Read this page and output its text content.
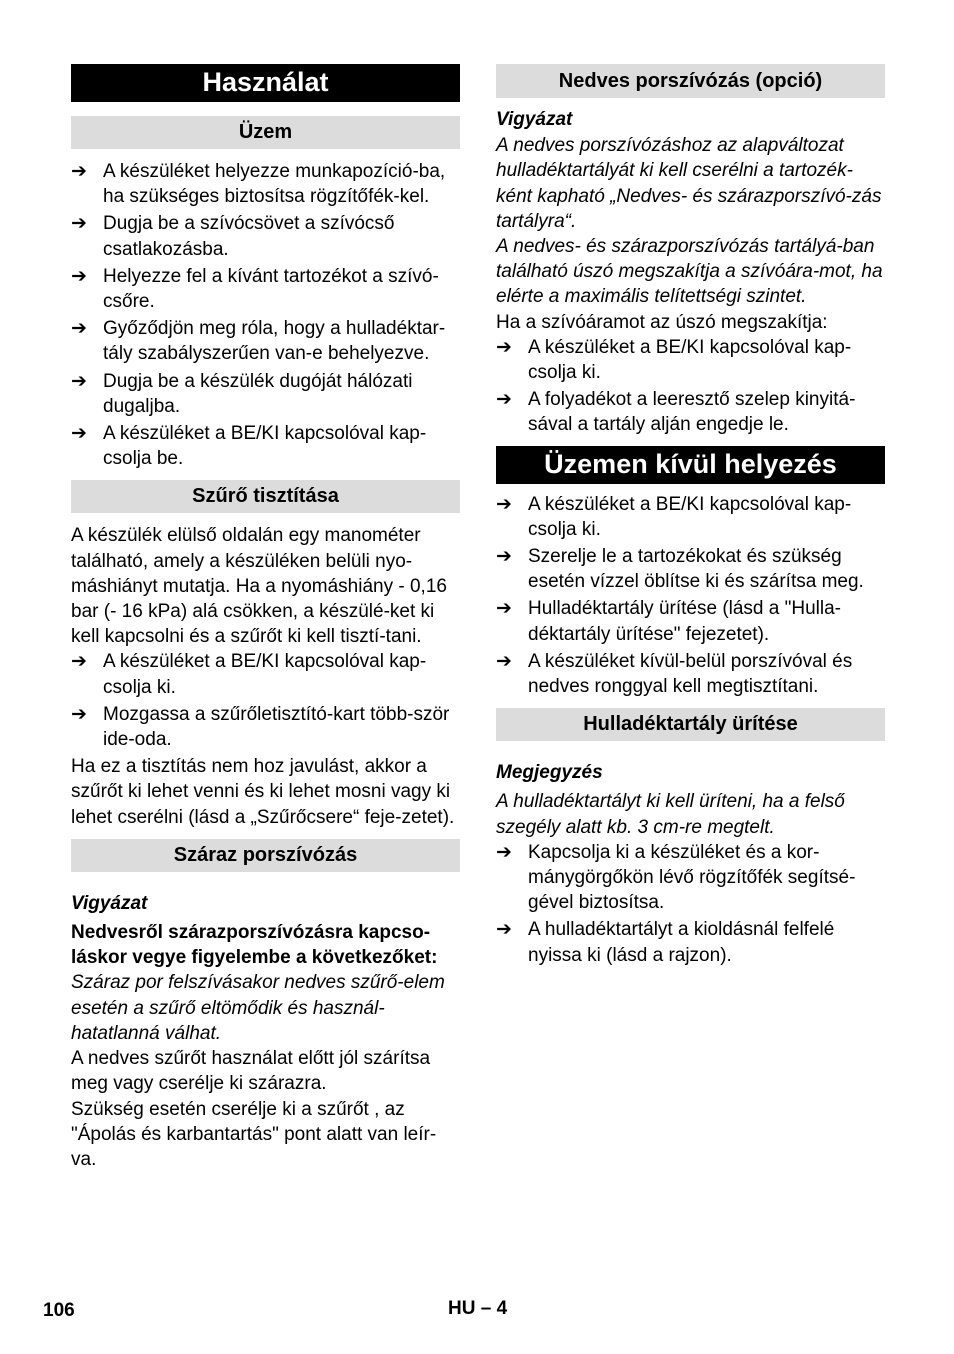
Használat
Üzem
➔ A készüléket helyezze munkapozíció-ba, ha szükséges biztosítsa rögzítőfék-kel.
➔ Dugja be a szívócsövet a szívócső csatlakozásba.
➔ Helyezze fel a kívánt tartozékot a szívó-csőre.
➔ Győződjön meg róla, hogy a hulladéktar-tály szabályszerűen van-e behelyezve.
➔ Dugja be a készülék dugóját hálózati dugaljba.
➔ A készüléket a BE/KI kapcsolóval kap-csolja be.
Szűrő tisztítása

A készülék elülső oldalán egy manométer található, amely a készüléken belüli nyo-máshiányt mutatja. Ha a nyomáshiány - 0,16 bar (- 16 kPa) alá csökken, a készülé-ket ki kell kapcsolni és a szűrőt ki kell tisztí-tani.

➔ A készüléket a BE/KI kapcsolóval kap-csolja ki.
➔ Mozgassa a szűrőletisztító-kart több-ször ide-oda.

Ha ez a tisztítás nem hoz javulást, akkor a szűrőt ki lehet venni és ki lehet mosni vagy ki lehet cserélni (lásd a „Szűrőcsere“ feje-zetet).

Száraz porszívózás

Vigyázat

Nedvesről szárazporszívózásra kapcso-láskor vegye figyelembe a következőket:

Száraz por felszívásakor nedves szűrő-elem esetén a szűrő eltömődik és használ-hatatlanná válhat.

A nedves szűrőt használat előtt jól szárítsa meg vagy cserélje ki szárazra.

Szükség esetén cserélje ki a szűrőt , az "Ápolás és karbantartás" pont alatt van leír-va.

Nedves porszívózás (opció)

Vigyázat

A nedves porszívózáshoz az alapváltozat hulladéktartályát ki kell cserélni a tartozék-ként kapható „Nedves- és szárazporszívó-zás tartályra“.

A nedves- és szárazporszívózás tartályá-ban található úszó megszakítja a szívóára-mot, ha elérte a maximális telítettségi szintet.

Ha a szívóáramot az úszó megszakítja:

➔ A készüléket a BE/KI kapcsolóval kap-csolja ki.
➔ A folyadékot a leeresztő szelep kinyitá-sával a tartály alján engedje le.
Üzemen kívül helyezés
➔ A készüléket a BE/KI kapcsolóval kap-csolja ki.
➔ Szerelje le a tartozékokat és szükség esetén vízzel öblítse ki és szárítsa meg.
➔ Hulladéktartály ürítése (lásd a "Hulla-déktartály ürítése" fejezetet).
➔ A készüléket kívül-belül porszívóval és nedves ronggyal kell megtisztítani.
Hulladéktartály ürítése

Megjegyzés

A hulladéktartályt ki kell üríteni, ha a felső szegély alatt kb. 3 cm-re megtelt.

➔ Kapcsolja ki a készüléket és a kor-mánygörgőkön lévő rögzítőfék segítsé-gével biztosítsa.
➔ A hulladéktartályt a kioldásnál felfelé nyissa ki (lásd a rajzon).
106	HU – 4
